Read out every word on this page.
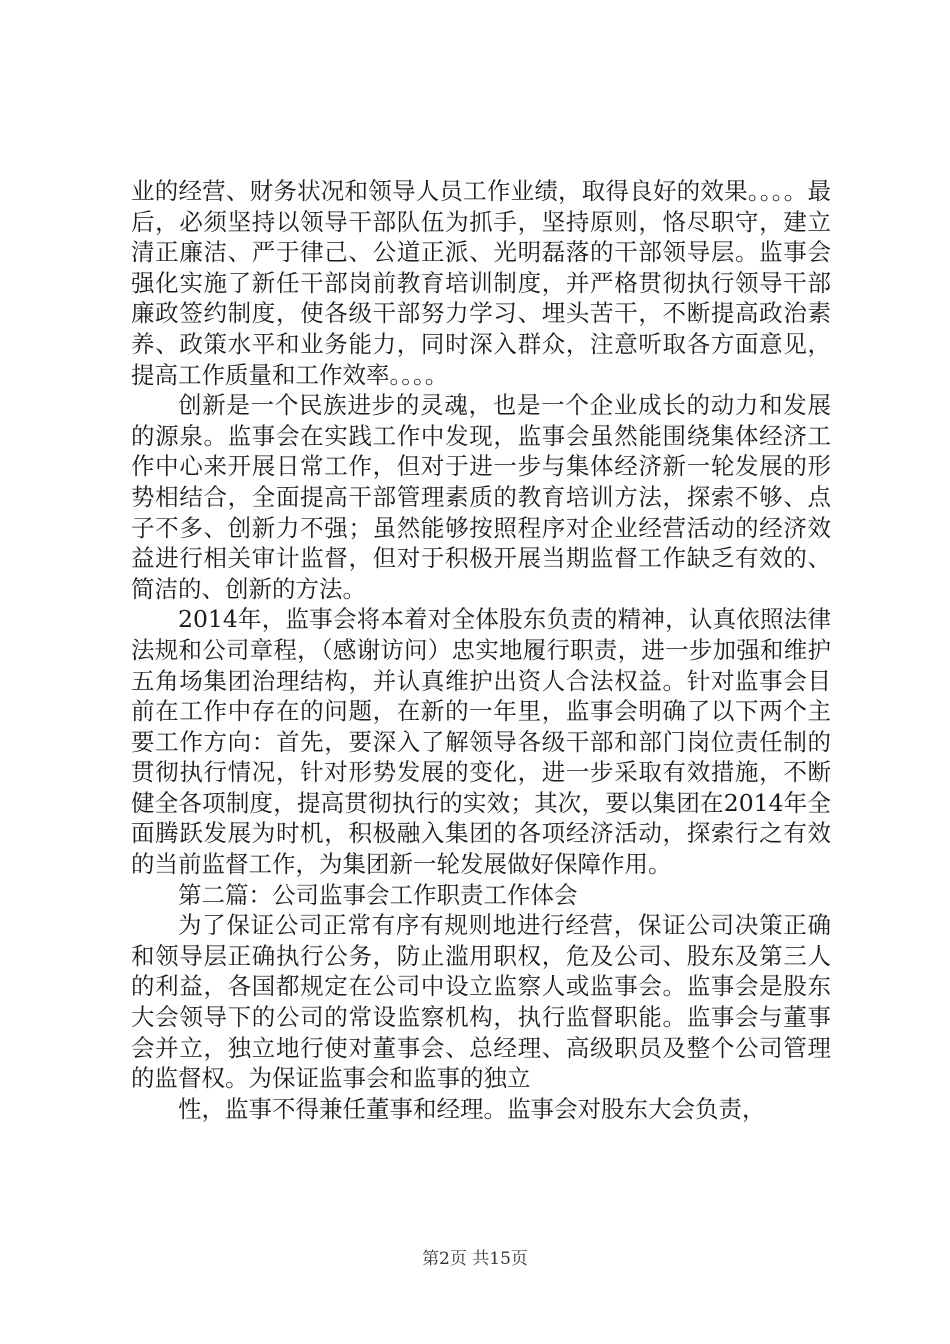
业的经营、财务状况和领导人员工作业绩，取得良好的效果。。。。最后，必须坚持以领导干部队伍为抓手，坚持原则，恪尽职守，建立清正廉洁、严于律己、公道正派、光明磊落的干部领导层。监事会强化实施了新任干部岗前教育培训制度，并严格贯彻执行领导干部廉政签约制度，使各级干部努力学习、埋头苦干，不断提高政治素养、政策水平和业务能力，同时深入群众，注意听取各方面意见，提高工作质量和工作效率。。。。

创新是一个民族进步的灵魂，也是一个企业成长的动力和发展的源泉。监事会在实践工作中发现，监事会虽然能围绕集体经济工作中心来开展日常工作，但对于进一步与集体经济新一轮发展的形势相结合，全面提高干部管理素质的教育培训方法，探索不够、点子不多、创新力不强；虽然能够按照程序对企业经营活动的经济效益进行相关审计监督，但对于积极开展当期监督工作缺乏有效的、简洁的、创新的方法。

2014年，监事会将本着对全体股东负责的精神，认真依照法律法规和公司章程，（感谢访问）忠实地履行职责，进一步加强和维护五角场集团治理结构，并认真维护出资人合法权益。针对监事会目前在工作中存在的问题，在新的一年里，监事会明确了以下两个主要工作方向：首先，要深入了解领导各级干部和部门岗位责任制的贯彻执行情况，针对形势发展的变化，进一步采取有效措施，不断健全各项制度，提高贯彻执行的实效；其次，要以集团在2014年全面腾跃发展为时机，积极融入集团的各项经济活动，探索行之有效的当前监督工作，为集团新一轮发展做好保障作用。

第二篇：公司监事会工作职责工作体会

为了保证公司正常有序有规则地进行经营，保证公司决策正确和领导层正确执行公务，防止滥用职权，危及公司、股东及第三人的利益，各国都规定在公司中设立监察人或监事会。监事会是股东大会领导下的公司的常设监察机构，执行监督职能。监事会与董事会并立，独立地行使对董事会、总经理、高级职员及整个公司管理的监督权。为保证监事会和监事的独立

性，监事不得兼任董事和经理。监事会对股东大会负责，

第2页 共15页
